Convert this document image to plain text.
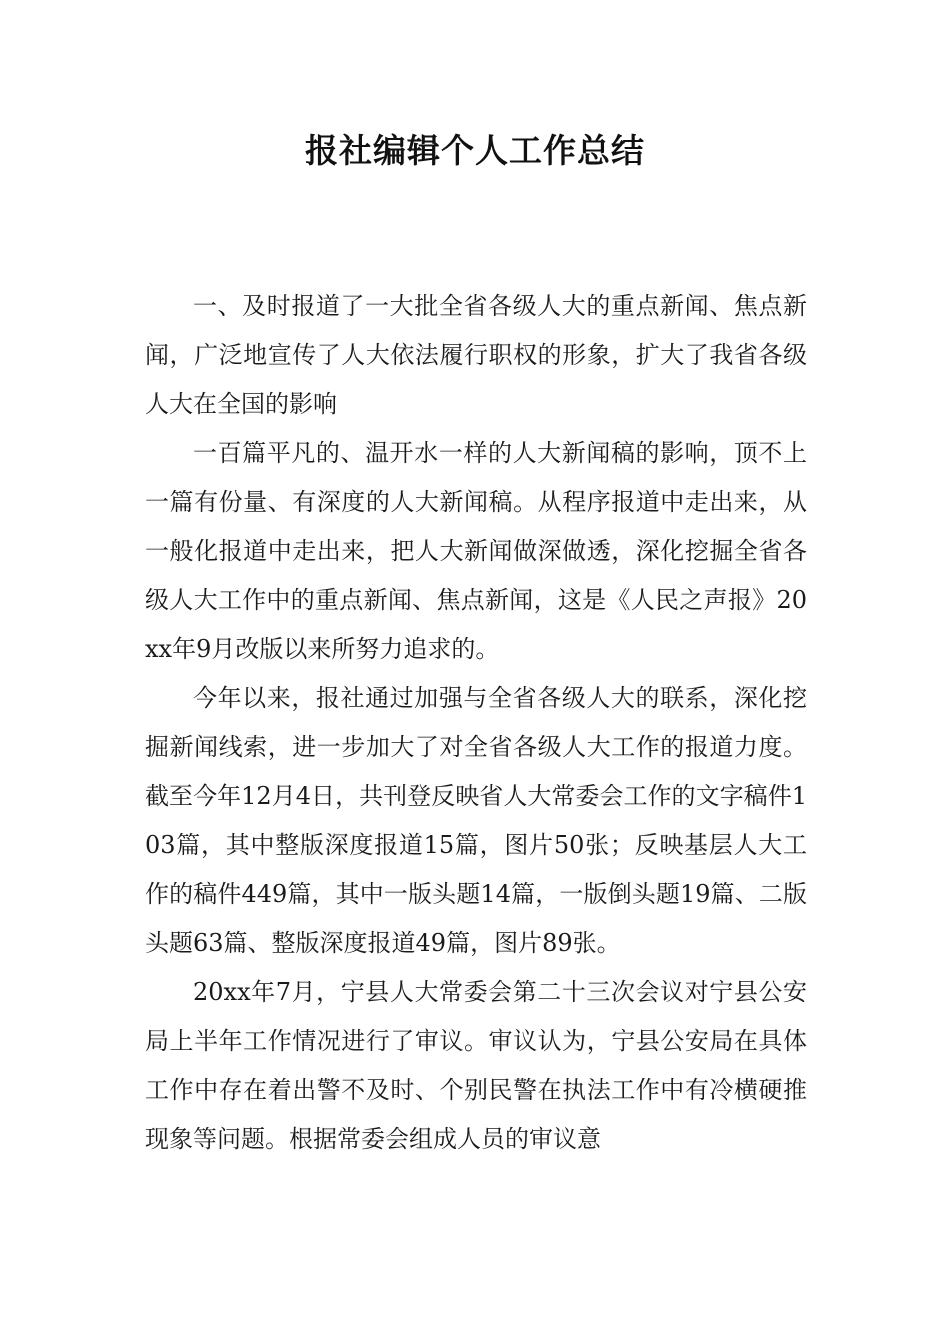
报社编辑个人工作总结

一、及时报道了一大批全省各级人大的重点新闻、焦点新闻，广泛地宣传了人大依法履行职权的形象，扩大了我省各级人大在全国的影响

一百篇平凡的、温开水一样的人大新闻稿的影响，顶不上一篇有份量、有深度的人大新闻稿。从程序报道中走出来，从一般化报道中走出来，把人大新闻做深做透，深化挖掘全省各级人大工作中的重点新闻、焦点新闻，这是《人民之声报》20xx年9月改版以来所努力追求的。

今年以来，报社通过加强与全省各级人大的联系，深化挖掘新闻线索，进一步加大了对全省各级人大工作的报道力度。截至今年12月4日，共刊登反映省人大常委会工作的文字稿件103篇，其中整版深度报道15篇，图片50张；反映基层人大工作的稿件449篇，其中一版头题14篇，一版倒头题19篇、二版头题63篇、整版深度报道49篇，图片89张。

20xx年7月，宁县人大常委会第二十三次会议对宁县公安局上半年工作情况进行了审议。审议认为，宁县公安局在具体工作中存在着出警不及时、个别民警在执法工作中有冷横硬推现象等问题。根据常委会组成人员的审议意
